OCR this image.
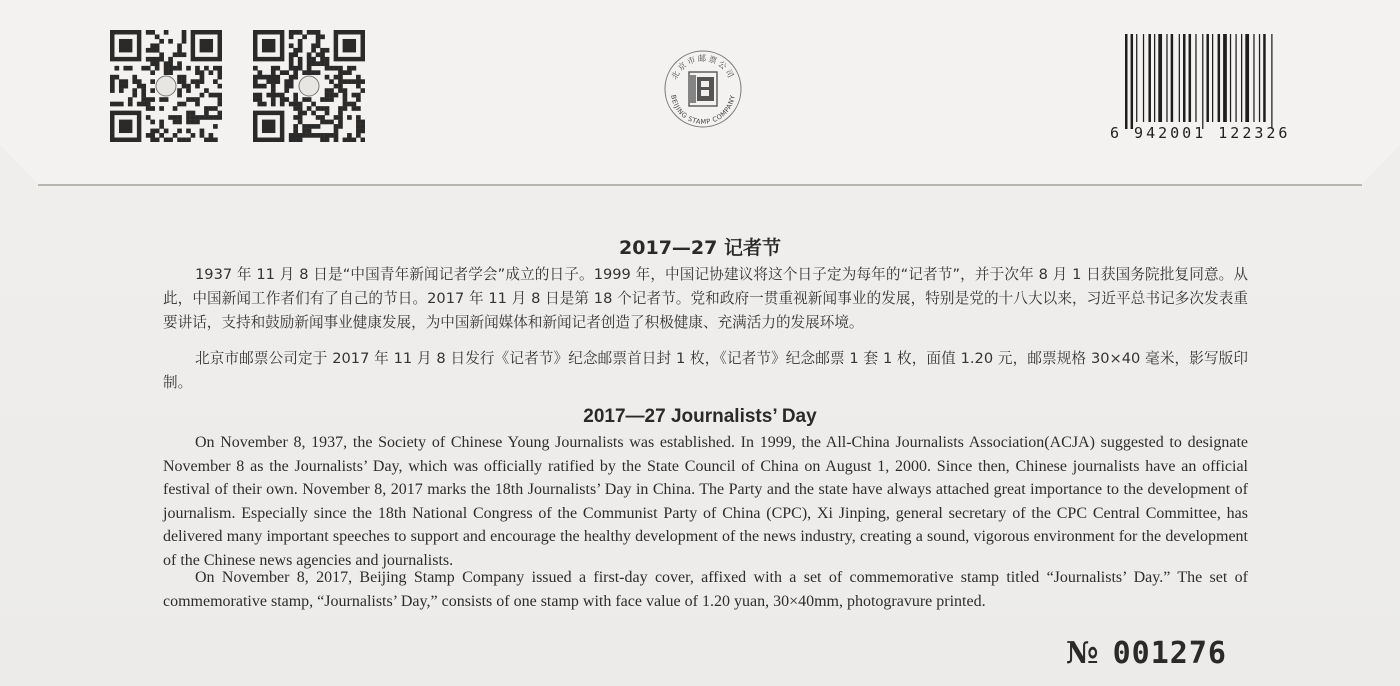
北京市邮票公司
BEIJING STAMP COMPANY
6 942001 122326
2017—27 记者节
1937 年 11 月 8 日是“中国青年新闻记者学会”成立的日子。1999 年，中国记协建议将这个日子定为每年的“记者节”，并于次年 8 月 1 日获国务院批复同意。从此，中国新闻工作者们有了自己的节日。2017 年 11 月 8 日是第 18 个记者节。党和政府一贯重视新闻事业的发展，特别是党的十八大以来，习近平总书记多次发表重要讲话，支持和鼓励新闻事业健康发展，为中国新闻媒体和新闻记者创造了积极健康、充满活力的发展环境。
北京市邮票公司定于 2017 年 11 月 8 日发行《记者节》纪念邮票首日封 1 枚，《记者节》纪念邮票 1 套 1 枚，面值 1.20 元，邮票规格 30×40 毫米，影写版印制。
2017—27 Journalists’ Day
On November 8, 1937, the Society of Chinese Young Journalists was established. In 1999, the All-China Journalists Association(ACJA) suggested to designate November 8 as the Journalists’ Day, which was officially ratified by the State Council of China on August 1, 2000. Since then, Chinese journalists have an official festival of their own. November 8, 2017 marks the 18th Journalists’ Day in China. The Party and the state have always attached great importance to the development of journalism. Especially since the 18th National Congress of the Communist Party of China (CPC), Xi Jinping, general secretary of the CPC Central Committee, has delivered many important speeches to support and encourage the healthy development of the news industry, creating a sound, vigorous environment for the development of the Chinese news agencies and journalists.
On November 8, 2017, Beijing Stamp Company issued a first-day cover, affixed with a set of commemorative stamp titled “Journalists’ Day.” The set of commemorative stamp, “Journalists’ Day,” consists of one stamp with face value of 1.20 yuan, 30×40mm, photogravure printed.
№ 001276
